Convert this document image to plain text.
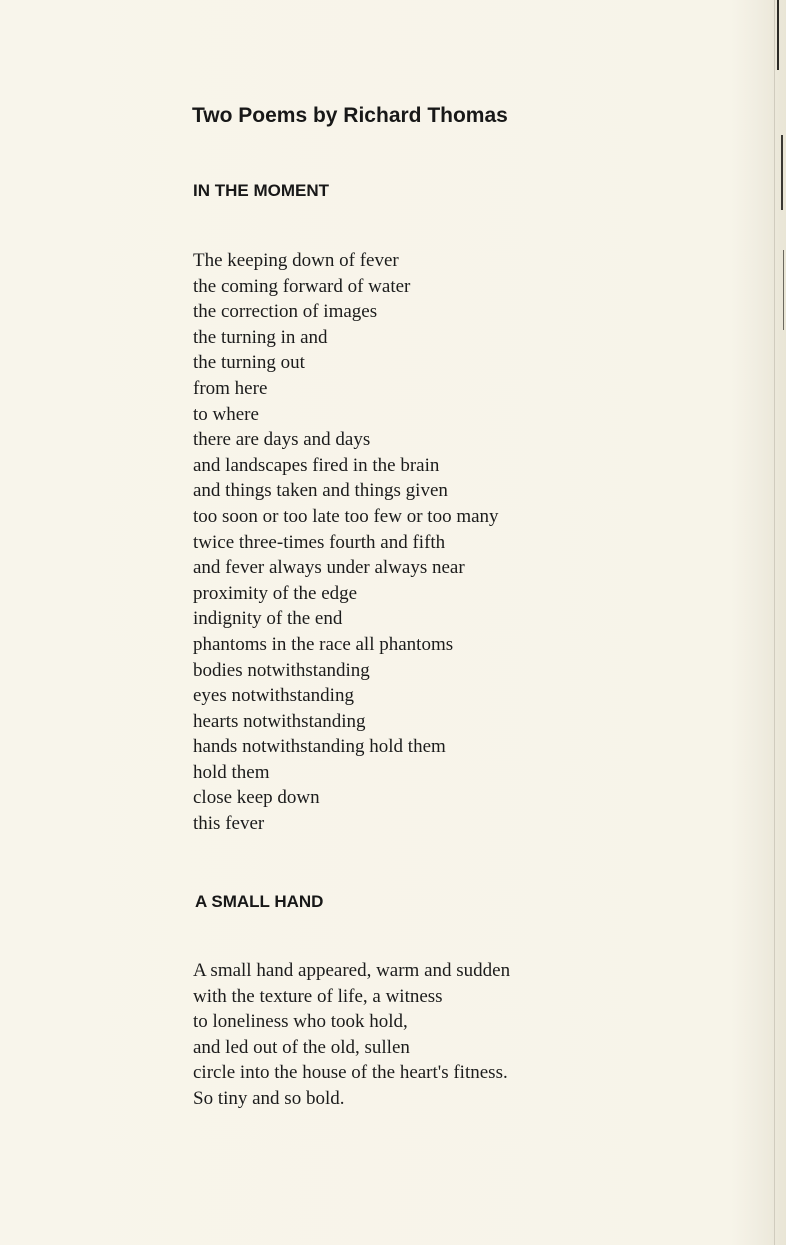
Two Poems by Richard Thomas
IN THE MOMENT
The keeping down of fever
the coming forward of water
the correction of images
the turning in and
the turning out
from here
to where
there are days and days
and landscapes fired in the brain
and things taken and things given
too soon or too late too few or too many
twice three-times fourth and fifth
and fever always under always near
proximity of the edge
indignity of the end
phantoms in the race all phantoms
bodies notwithstanding
eyes notwithstanding
hearts notwithstanding
hands notwithstanding hold them
hold them
close keep down
this fever
A SMALL HAND
A small hand appeared, warm and sudden
with the texture of life, a witness
to loneliness who took hold,
and led out of the old, sullen
circle into the house of the heart's fitness.
So tiny and so bold.
